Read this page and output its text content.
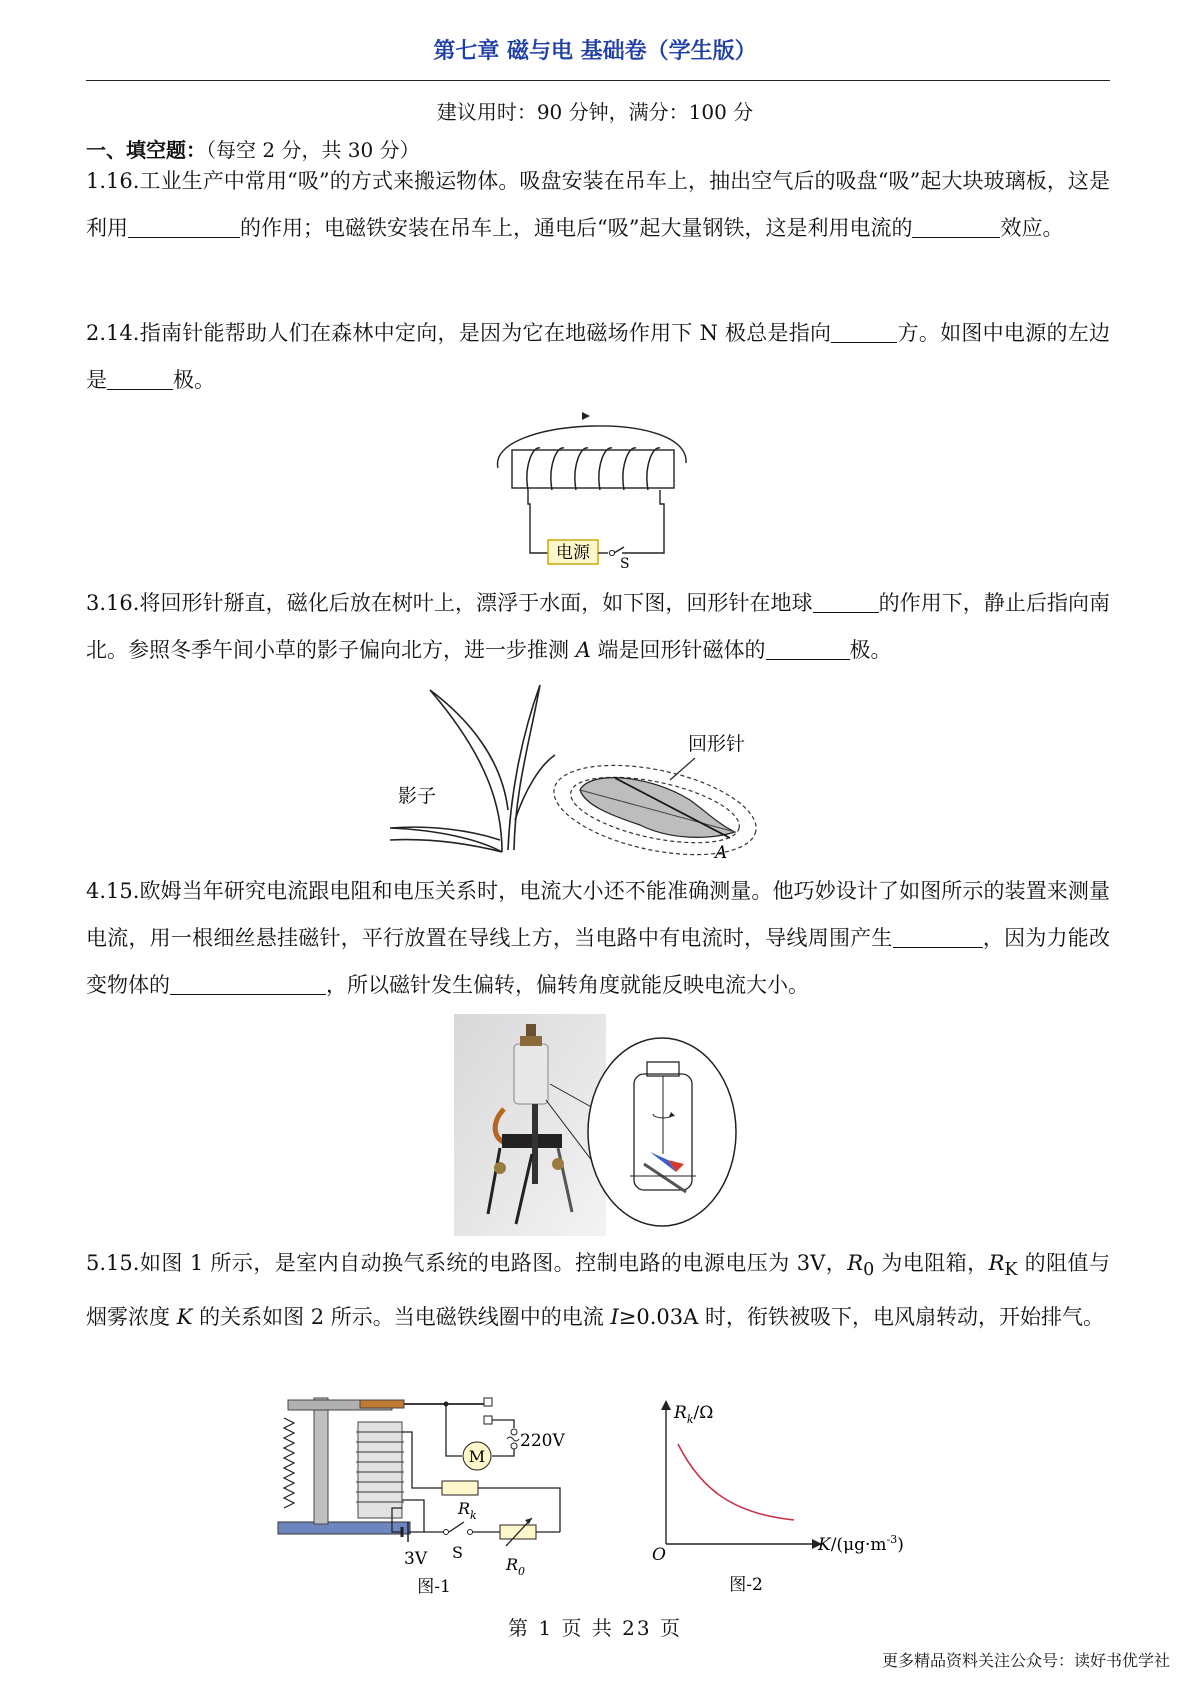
第七章 磁与电 基础卷（学生版）
建议用时：90 分钟，满分：100 分
一、填空题：（每空 2 分，共 30 分）
1.16.工业生产中常用“吸”的方式来搬运物体。吸盘安装在吊车上，抽出空气后的吸盘“吸”起大块玻璃板，这是利用	的作用；电磁铁安装在吊车上，通电后“吸”起大量钢铁，这是利用电流的	效应。
2.14.指南针能帮助人们在森林中定向，是因为它在地磁场作用下 N 极总是指向	方。如图中电源的左边是	极。
电源
S
3.16.将回形针掰直，磁化后放在树叶上，漂浮于水面，如下图，回形针在地球	的作用下，静止后指向南北。参照冬季午间小草的影子偏向北方，进一步推测 A 端是回形针磁体的	极。
影子
回形针
A
4.15.欧姆当年研究电流跟电阻和电压关系时，电流大小还不能准确测量。他巧妙设计了如图所示的装置来测量电流，用一根细丝悬挂磁针，平行放置在导线上方，当电路中有电流时，导线周围产生	，因为力能改变物体的	，所以磁针发生偏转，偏转角度就能反映电流大小。
5.15.如图 1 所示，是室内自动换气系统的电路图。控制电路的电源电压为 3V，$R_0$ 为电阻箱，$R_K$ 的阻值与烟雾浓度 K 的关系如图 2 所示。当电磁铁线圈中的电流 I≥0.03A 时，衔铁被吸下，电风扇转动，开始排气。
M
220V
$R_k$
3V S
$R_0$
图-1
$R_k/\Omega$
$K/(\mu g\cdot m^{-3})$
O
图-2
第 1 页 共 23 页
更多精品资料关注公众号：读好书优学社
